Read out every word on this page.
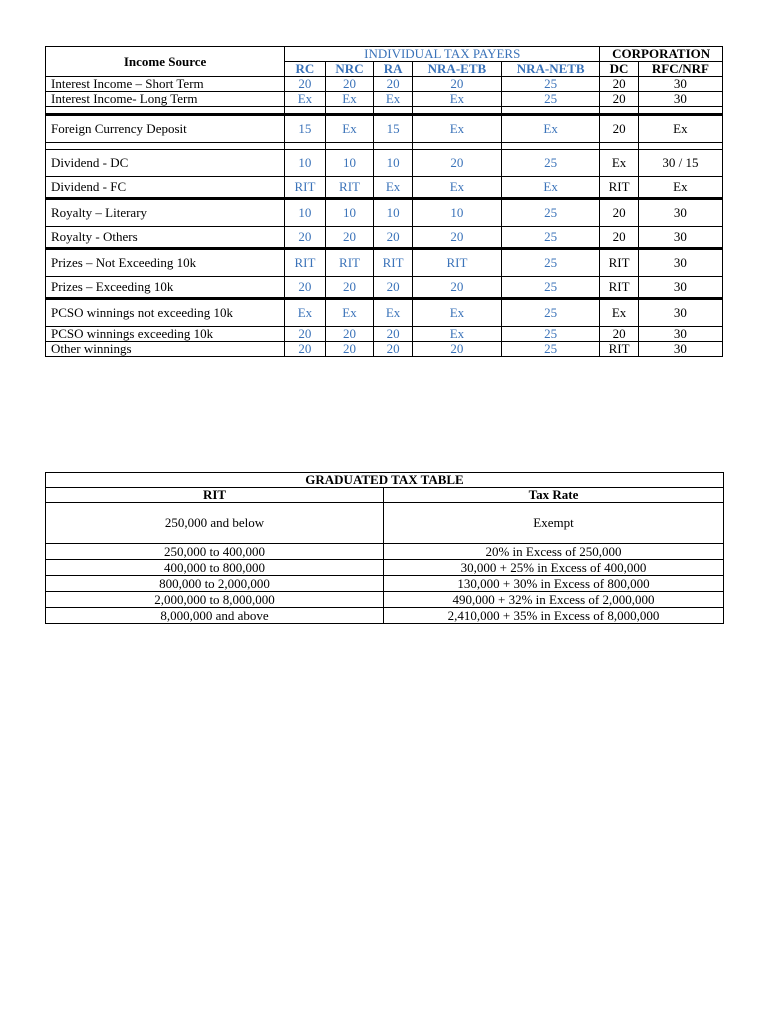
Income Source	INDIVIDUAL TAX PAYERS					CORPORATION	
	RC	NRC	RA	NRA-ETB	NRA-NETB	DC	RFC/NRF
Interest Income – Short Term	20	20	20	20	25	20	30
Interest Income- Long Term	Ex	Ex	Ex	Ex	25	20	30

Foreign Currency Deposit	15	Ex	15	Ex	Ex	20	Ex

Dividend - DC	10	10	10	20	25	Ex	30 / 15
Dividend - FC	RIT	RIT	Ex	Ex	Ex	RIT	Ex
Royalty – Literary	10	10	10	10	25	20	30
Royalty - Others	20	20	20	20	25	20	30
Prizes – Not Exceeding 10k	RIT	RIT	RIT	RIT	25	RIT	30
Prizes – Exceeding 10k	20	20	20	20	25	RIT	30
PCSO winnings not exceeding 10k	Ex	Ex	Ex	Ex	25	Ex	30
PCSO winnings exceeding 10k	20	20	20	Ex	25	20	30
Other winnings	20	20	20	20	25	RIT	30
GRADUATED TAX TABLE	
RIT	Tax Rate
250,000 and below	Exempt
250,000 to 400,000	20% in Excess of 250,000
400,000 to 800,000	30,000 + 25% in Excess of 400,000
800,000 to 2,000,000	130,000 + 30% in Excess of 800,000
2,000,000 to 8,000,000	490,000 + 32% in Excess of 2,000,000
8,000,000 and above	2,410,000 + 35% in Excess of 8,000,000
